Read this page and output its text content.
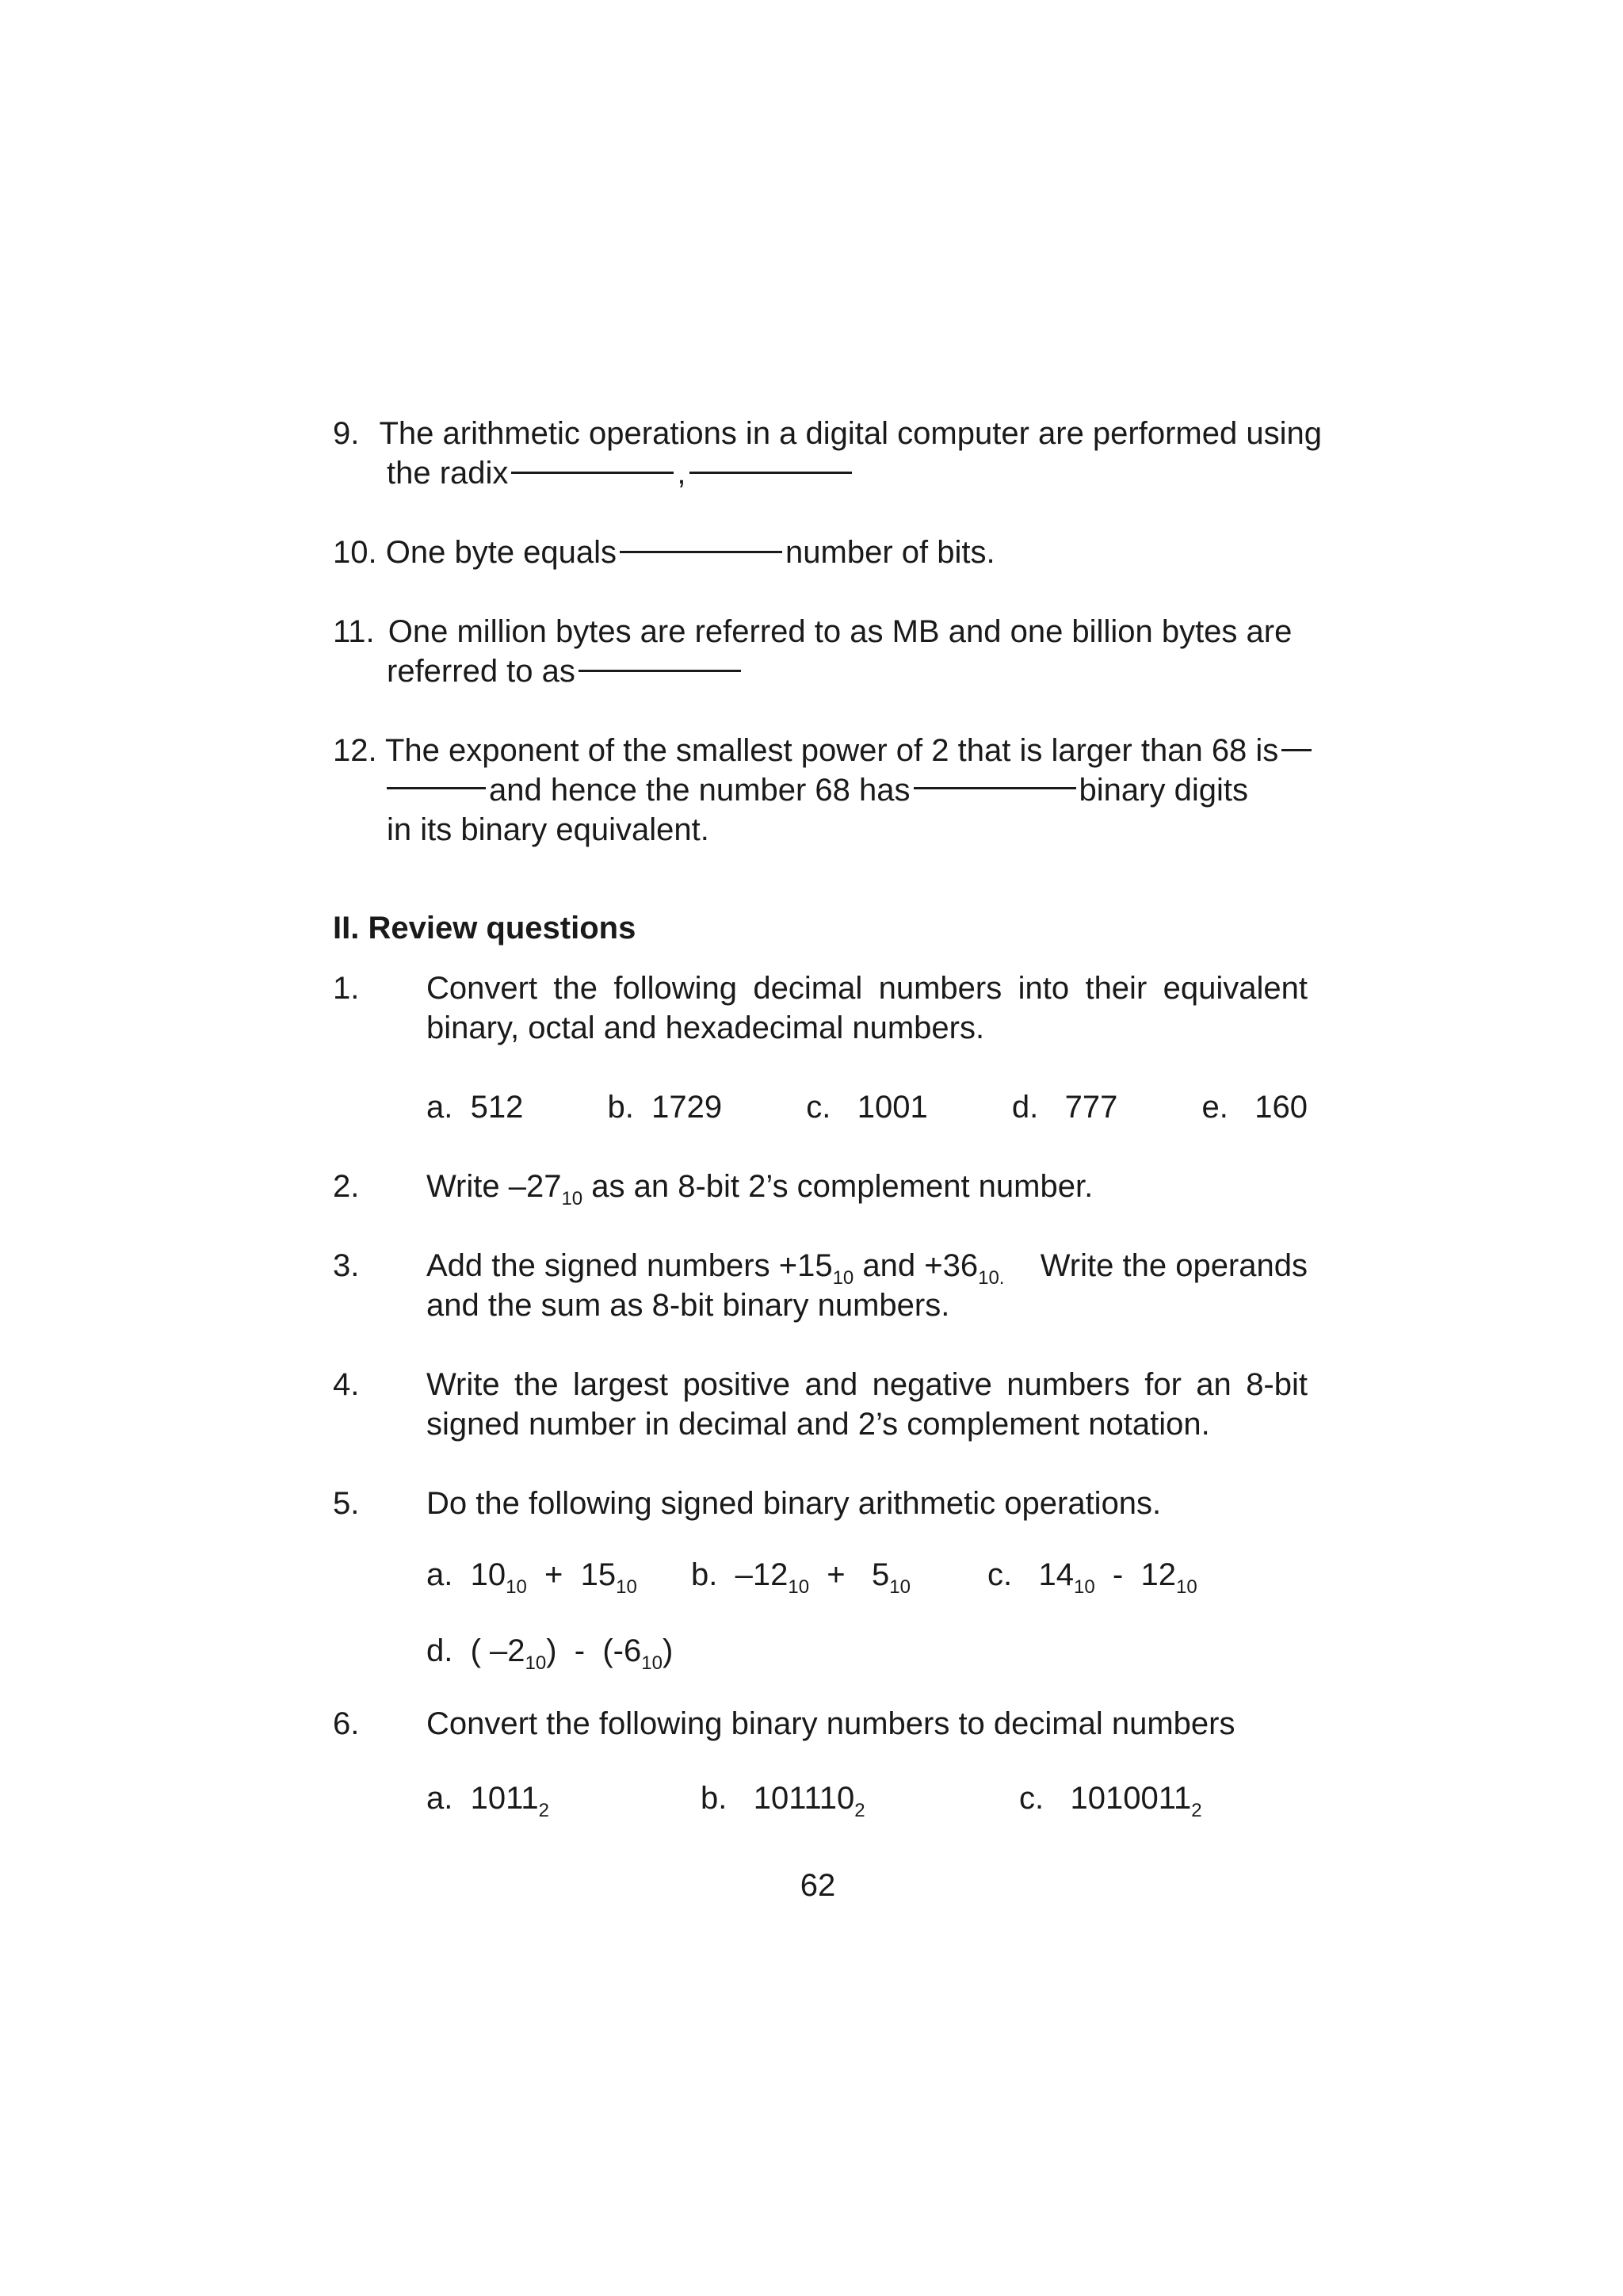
9. The arithmetic operations in a digital computer are performed using
the radix	,
10. One byte equals	number of bits.
11. One million bytes are referred to as MB and one billion bytes are
referred to as
12. The exponent of the smallest power of 2 that is larger than 68 is
and hence the number 68 has	binary digits
in its binary equivalent.
II. Review questions
1. Convert the following decimal numbers into their equivalent binary, octal and hexadecimal numbers.
a. 512	b. 1729	c. 1001	d. 777	e. 160
2. Write $-27_{10}$ as an 8-bit 2’s complement number.
3. Add the signed numbers $+15_{10}$ and $+36_{10.}$ Write the operands
and the sum as 8-bit binary numbers.
4. Write the largest positive and negative numbers for an 8-bit signed number in decimal and 2’s complement notation.
5. Do the following signed binary arithmetic operations.
a. $10_{10} + 15_{10}$ b. $-12_{10} + 5_{10}$ c. $14_{10} - 12_{10}$
d. ( $-2_{10}) - (-6_{10})$
6. Convert the following binary numbers to decimal numbers
a. $1011_2$	b. $101110_2$	c. $1010011_2$
62
